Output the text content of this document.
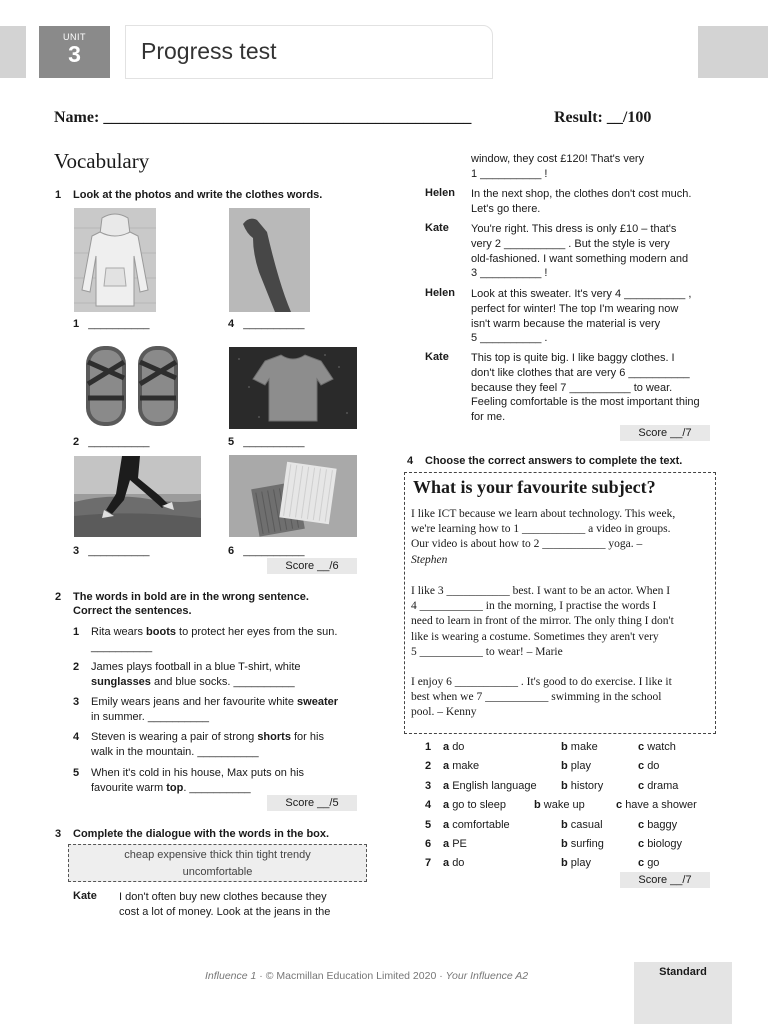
UNIT
3	Progress test
Name: ______________________________________________	Result: __/100
Vocabulary
1 Look at the photos and write the clothes words.
1 __________	4 __________
2 __________	5 __________
3 __________	6 __________
Score __/6
2 The words in bold are in the wrong sentence.
Correct the sentences.
1 Rita wears boots to protect her eyes from the sun.
__________
2 James plays football in a blue T-shirt, white
sunglasses and blue socks. __________
3 Emily wears jeans and her favourite white sweater
in summer. __________
4 Steven is wearing a pair of strong shorts for his
walk in the mountain. __________
5 When it's cold in his house, Max puts on his
favourite warm top. __________
Score __/5
3 Complete the dialogue with the words in the box.
cheap expensive thick thin tight trendy
uncomfortable
Kate I don't often buy new clothes because they
cost a lot of money. Look at the jeans in the
window, they cost £120! That's very
1 __________ !
Helen In the next shop, the clothes don't cost much.
Let's go there.
Kate You're right. This dress is only £10 – that's
very 2 __________ . But the style is very
old-fashioned. I want something modern and
3 __________ !
Helen Look at this sweater. It's very 4 __________ ,
perfect for winter! The top I'm wearing now
isn't warm because the material is very
5 __________ .
Kate This top is quite big. I like baggy clothes. I
don't like clothes that are very 6 __________
because they feel 7 __________ to wear.
Feeling comfortable is the most important thing
for me.
Score __/7
4 Choose the correct answers to complete the text.
What is your favourite subject?
I like ICT because we learn about technology. This week,
we're learning how to 1 ___________ a video in groups.
Our video is about how to 2 ___________ yoga. –
Stephen
I like 3 ___________ best. I want to be an actor. When I
4 ___________ in the morning, I practise the words I
need to learn in front of the mirror. The only thing I don't
like is wearing a costume. Sometimes they aren't very
5 ___________ to wear! – Marie
I enjoy 6 ___________ . It's good to do exercise. I like it
best when we 7 ___________ swimming in the school
pool. – Kenny
1 a do	b make	c watch
2 a make	b play	c do
3 a English language b history	c drama
4 a go to sleep	b wake up	c have a shower
5 a comfortable	b casual	c baggy
6 a PE	b surfing	c biology
7 a do	b play	c go
Score __/7
Influence 1 · © Macmillan Education Limited 2020 · Your Influence A2	Standard
